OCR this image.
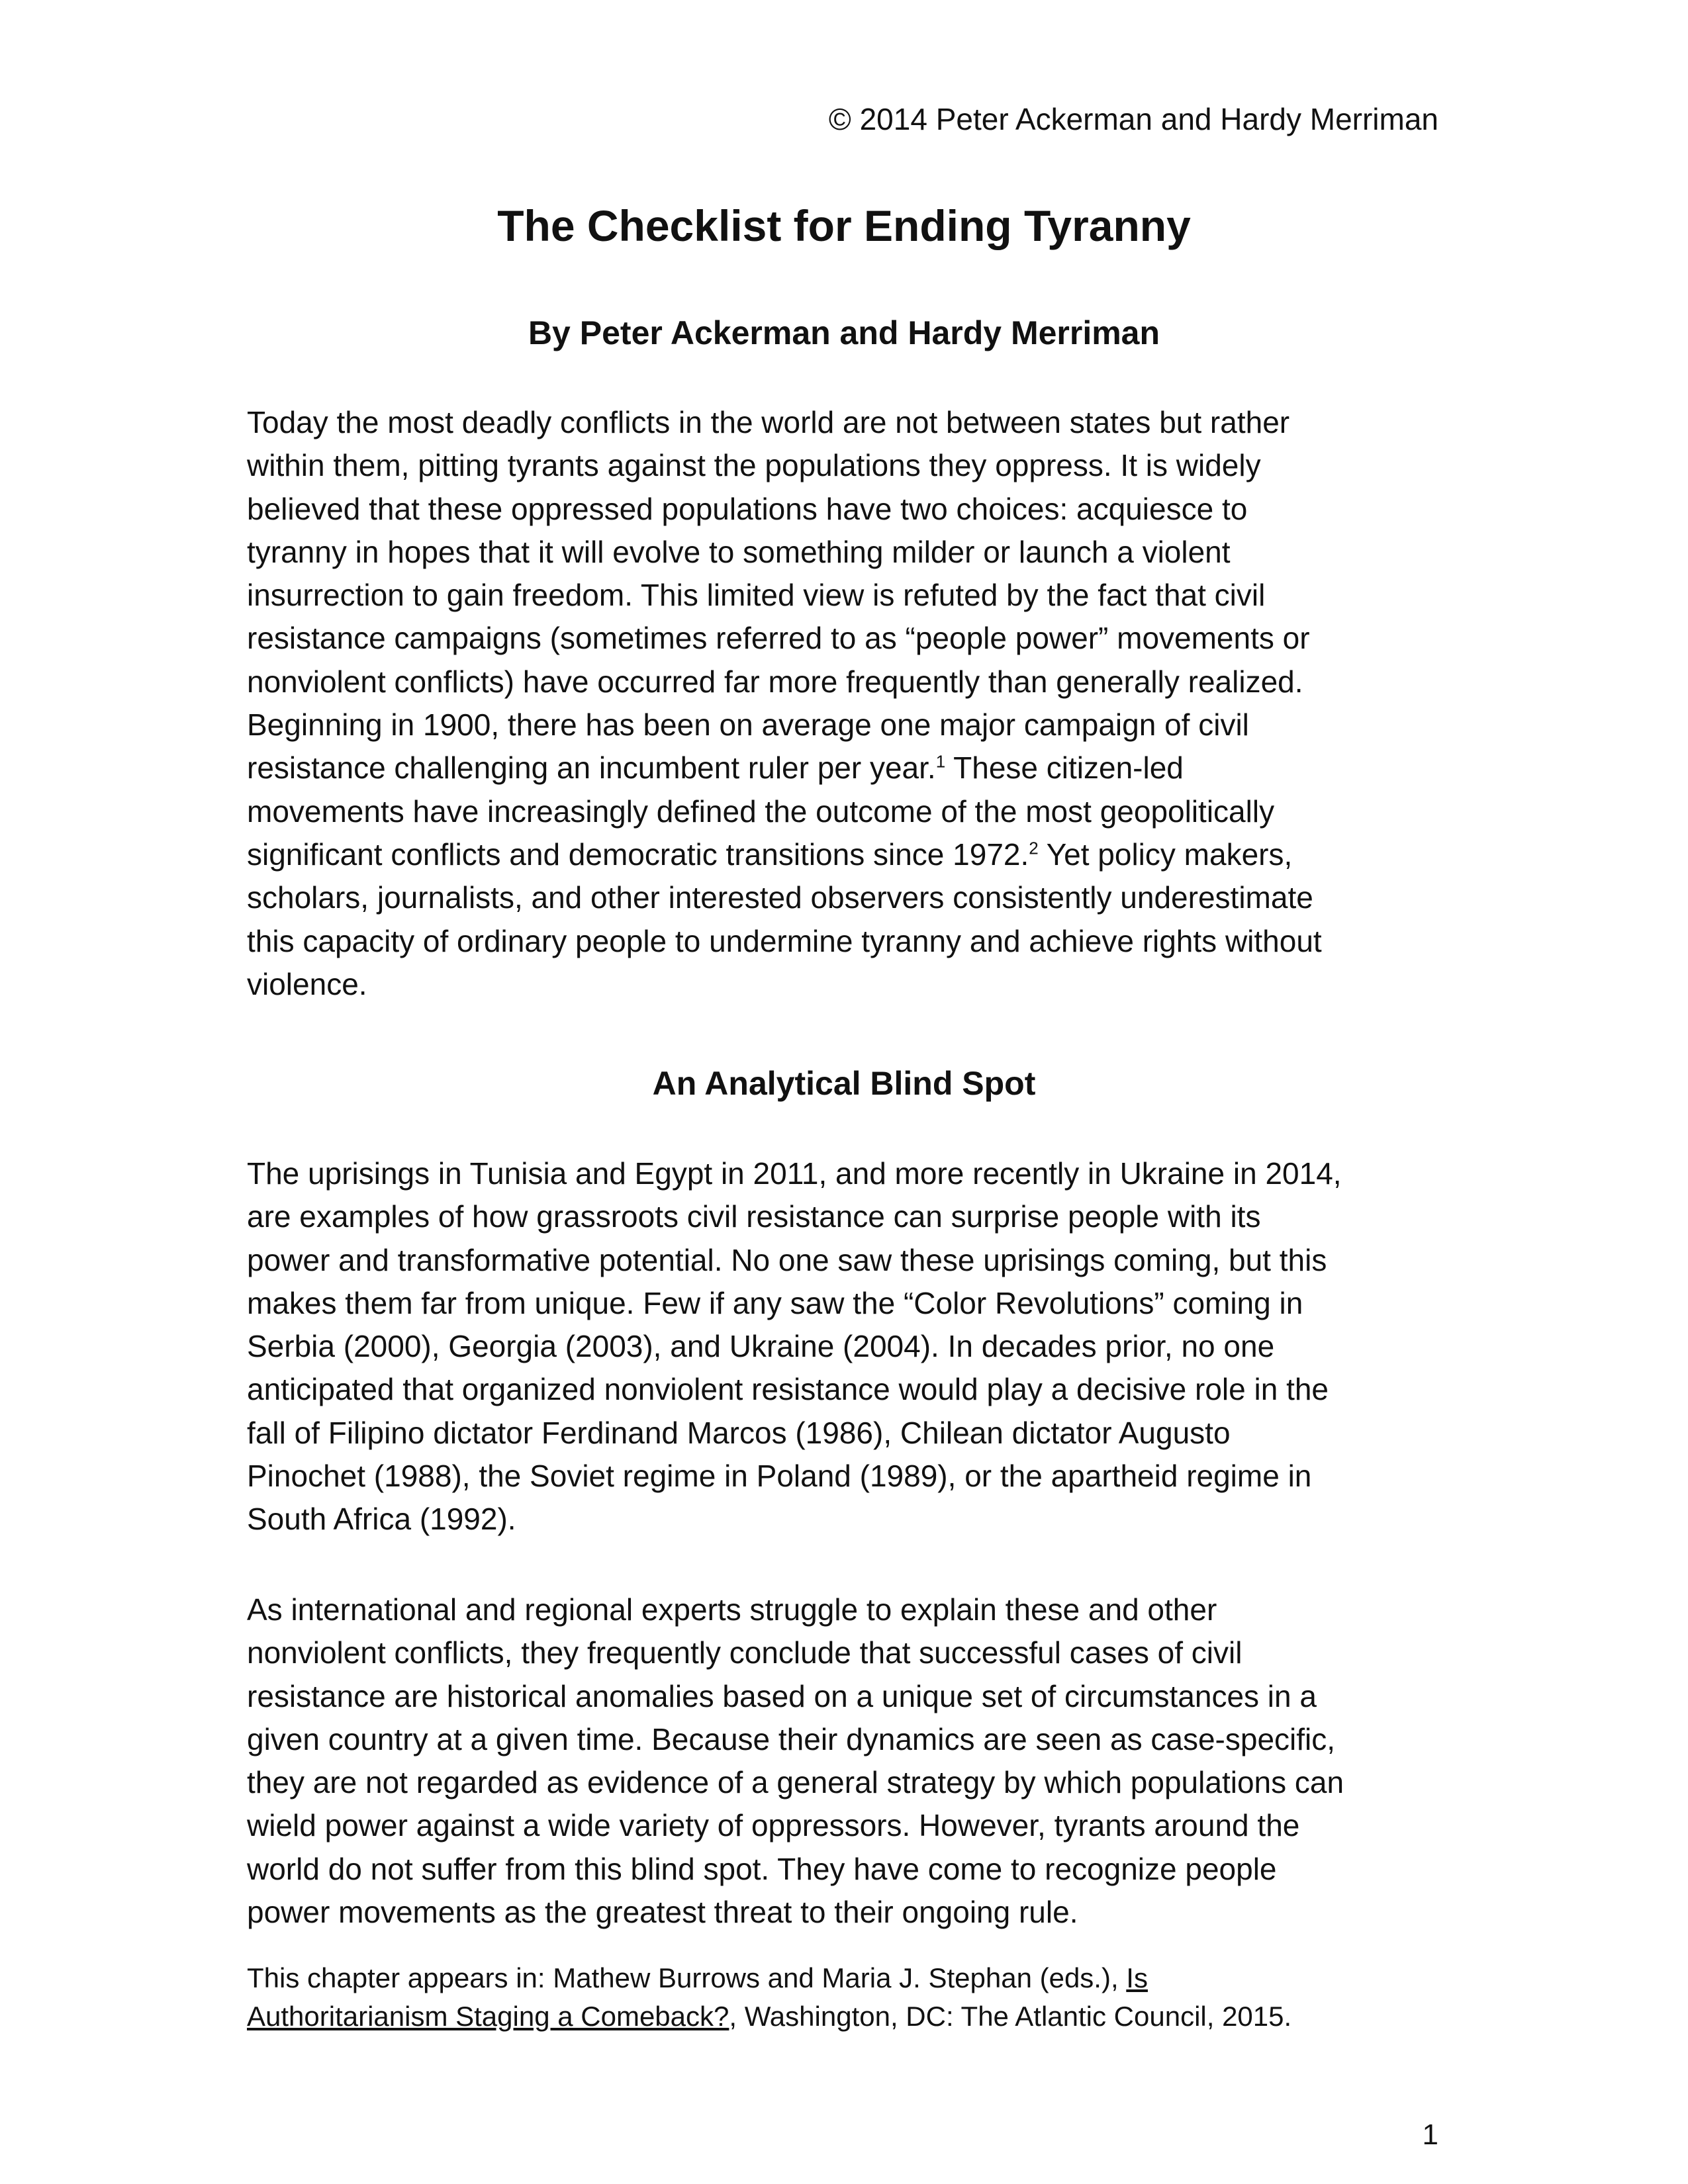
© 2014 Peter Ackerman and Hardy Merriman
The Checklist for Ending Tyranny
By Peter Ackerman and Hardy Merriman
Today the most deadly conflicts in the world are not between states but rather
within them, pitting tyrants against the populations they oppress. It is widely
believed that these oppressed populations have two choices: acquiesce to
tyranny in hopes that it will evolve to something milder or launch a violent
insurrection to gain freedom. This limited view is refuted by the fact that civil
resistance campaigns (sometimes referred to as “people power” movements or
nonviolent conflicts) have occurred far more frequently than generally realized.
Beginning in 1900, there has been on average one major campaign of civil
resistance challenging an incumbent ruler per year.$^1$ These citizen-led
movements have increasingly defined the outcome of the most geopolitically
significant conflicts and democratic transitions since 1972.$^2$ Yet policy makers,
scholars, journalists, and other interested observers consistently underestimate
this capacity of ordinary people to undermine tyranny and achieve rights without
violence.
An Analytical Blind Spot
The uprisings in Tunisia and Egypt in 2011, and more recently in Ukraine in 2014,
are examples of how grassroots civil resistance can surprise people with its
power and transformative potential. No one saw these uprisings coming, but this
makes them far from unique. Few if any saw the “Color Revolutions” coming in
Serbia (2000), Georgia (2003), and Ukraine (2004). In decades prior, no one
anticipated that organized nonviolent resistance would play a decisive role in the
fall of Filipino dictator Ferdinand Marcos (1986), Chilean dictator Augusto
Pinochet (1988), the Soviet regime in Poland (1989), or the apartheid regime in
South Africa (1992).
As international and regional experts struggle to explain these and other
nonviolent conflicts, they frequently conclude that successful cases of civil
resistance are historical anomalies based on a unique set of circumstances in a
given country at a given time. Because their dynamics are seen as case-specific,
they are not regarded as evidence of a general strategy by which populations can
wield power against a wide variety of oppressors. However, tyrants around the
world do not suffer from this blind spot. They have come to recognize people
power movements as the greatest threat to their ongoing rule.
This chapter appears in: Mathew Burrows and Maria J. Stephan (eds.), Is
Authoritarianism Staging a Comeback?, Washington, DC: The Atlantic Council, 2015.
1
